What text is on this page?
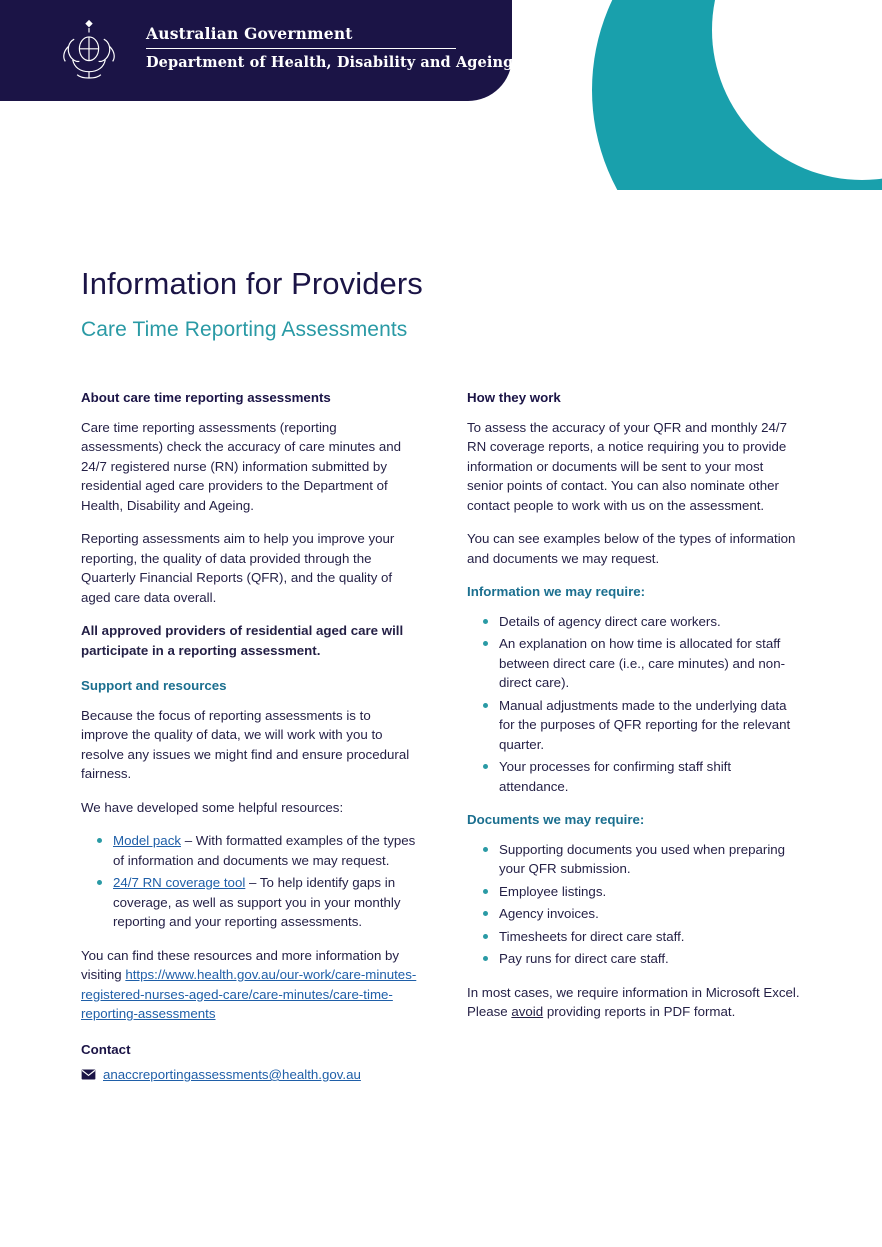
Australian Government
Department of Health, Disability and Ageing
Information for Providers
Care Time Reporting Assessments
About care time reporting assessments

Care time reporting assessments (reporting assessments) check the accuracy of care minutes and 24/7 registered nurse (RN) information submitted by residential aged care providers to the Department of Health, Disability and Ageing.

Reporting assessments aim to help you improve your reporting, the quality of data provided through the Quarterly Financial Reports (QFR), and the quality of aged care data overall.

All approved providers of residential aged care will participate in a reporting assessment.

Support and resources

Because the focus of reporting assessments is to improve the quality of data, we will work with you to resolve any issues we might find and ensure procedural fairness.

We have developed some helpful resources:

Model pack – With formatted examples of the types of information and documents we may request.
24/7 RN coverage tool – To help identify gaps in coverage, as well as support you in your monthly reporting and your reporting assessments.

You can find these resources and more information by visiting https://www.health.gov.au/our-work/care-minutes-registered-nurses-aged-care/care-minutes/care-time-reporting-assessments

Contact
anaccreportingassessments@health.gov.au
How they work

To assess the accuracy of your QFR and monthly 24/7 RN coverage reports, a notice requiring you to provide information or documents will be sent to your most senior points of contact. You can also nominate other contact people to work with us on the assessment.

You can see examples below of the types of information and documents we may request.

Information we may require:
Details of agency direct care workers.
An explanation on how time is allocated for staff between direct care (i.e., care minutes) and non-direct care).
Manual adjustments made to the underlying data for the purposes of QFR reporting for the relevant quarter.
Your processes for confirming staff shift attendance.
Documents we may require:
Supporting documents you used when preparing your QFR submission.
Employee listings.
Agency invoices.
Timesheets for direct care staff.
Pay runs for direct care staff.

In most cases, we require information in Microsoft Excel. Please avoid providing reports in PDF format.
